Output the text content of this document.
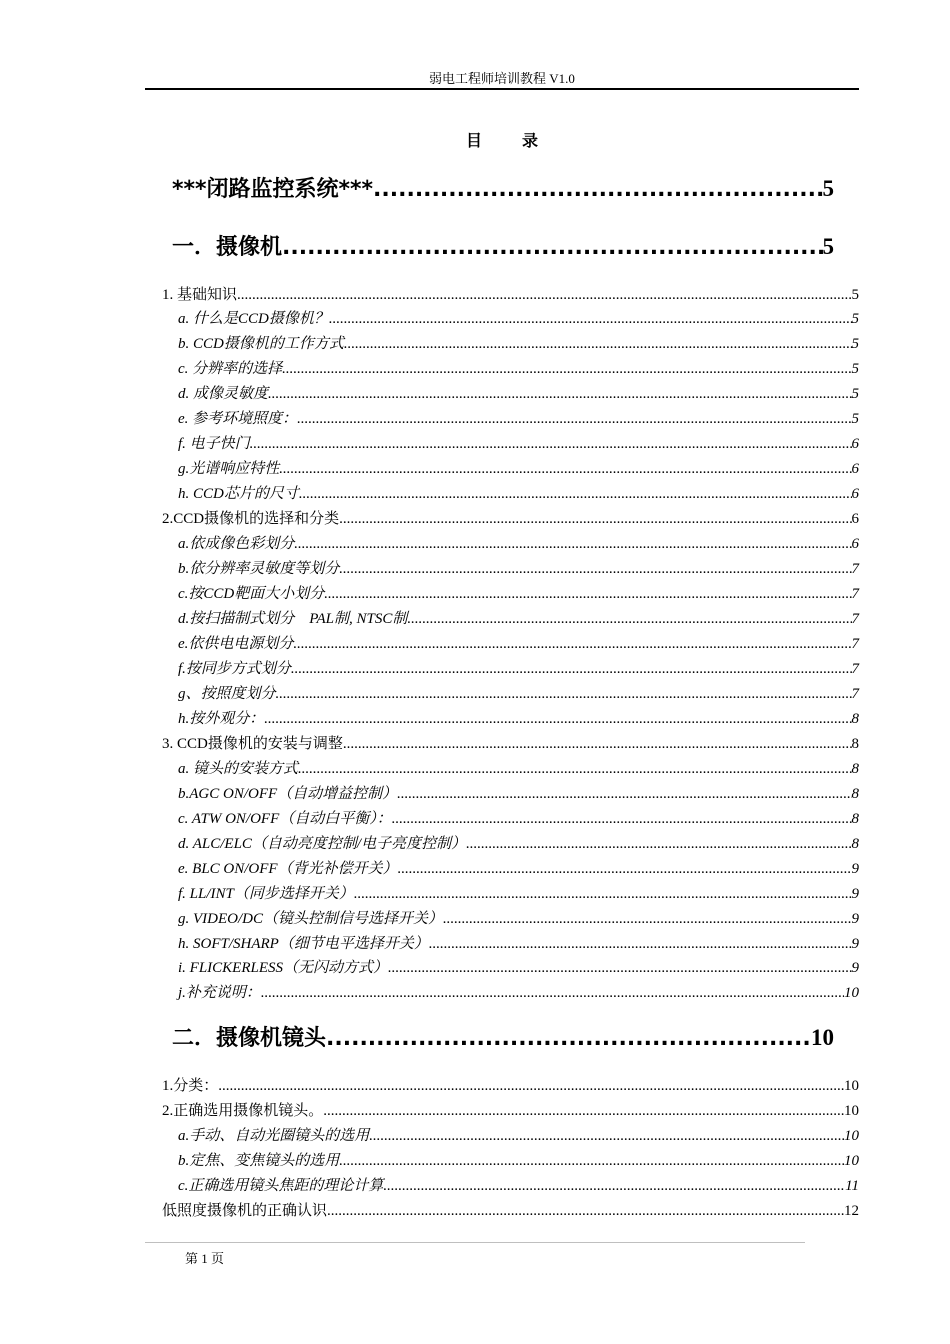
弱电工程师培训教程 V1.0
目录
***闭路监控系统*** .....	5
一．摄像机 .....	5
1. 基础知识 .....	5
a. 什么是CCD摄像机？ .....	5
b. CCD摄像机的工作方式 .....	5
c. 分辨率的选择 .....	5
d. 成像灵敏度 .....	5
e. 参考环境照度： .....	5
f. 电子快门 .....	6
g.光谱响应特性 .....	6
h. CCD芯片的尺寸 .....	6
2.CCD摄像机的选择和分类 .....	6
a.依成像色彩划分 .....	6
b.依分辨率灵敏度等划分 .....	7
c.按CCD靶面大小划分 .....	7
d.按扫描制式划分　PAL制, NTSC制 .....	7
e.依供电电源划分 .....	7
f.按同步方式划分 .....	7
g、按照度划分 .....	7
h.按外观分： .....	8
3. CCD摄像机的安装与调整 .....	8
a. 镜头的安装方式 .....	8
b.AGC ON/OFF（自动增益控制） .....	8
c. ATW ON/OFF（自动白平衡）： .....	8
d. ALC/ELC（自动亮度控制/电子亮度控制） .....	8
e. BLC ON/OFF（背光补偿开关） .....	9
f. LL/INT（同步选择开关） .....	9
g. VIDEO/DC（镜头控制信号选择开关） .....	9
h. SOFT/SHARP（细节电平选择开关） .....	9
i. FLICKERLESS（无闪动方式） .....	9
j.补充说明： .....	10
二．摄像机镜头 .....	10
1.分类： .....	10
2.正确选用摄像机镜头。 .....	10
a.手动、自动光圈镜头的选用 .....	10
b.定焦、变焦镜头的选用 .....	10
c.正确选用镜头焦距的理论计算 .....	11
低照度摄像机的正确认识 .....	12
第 1 页
